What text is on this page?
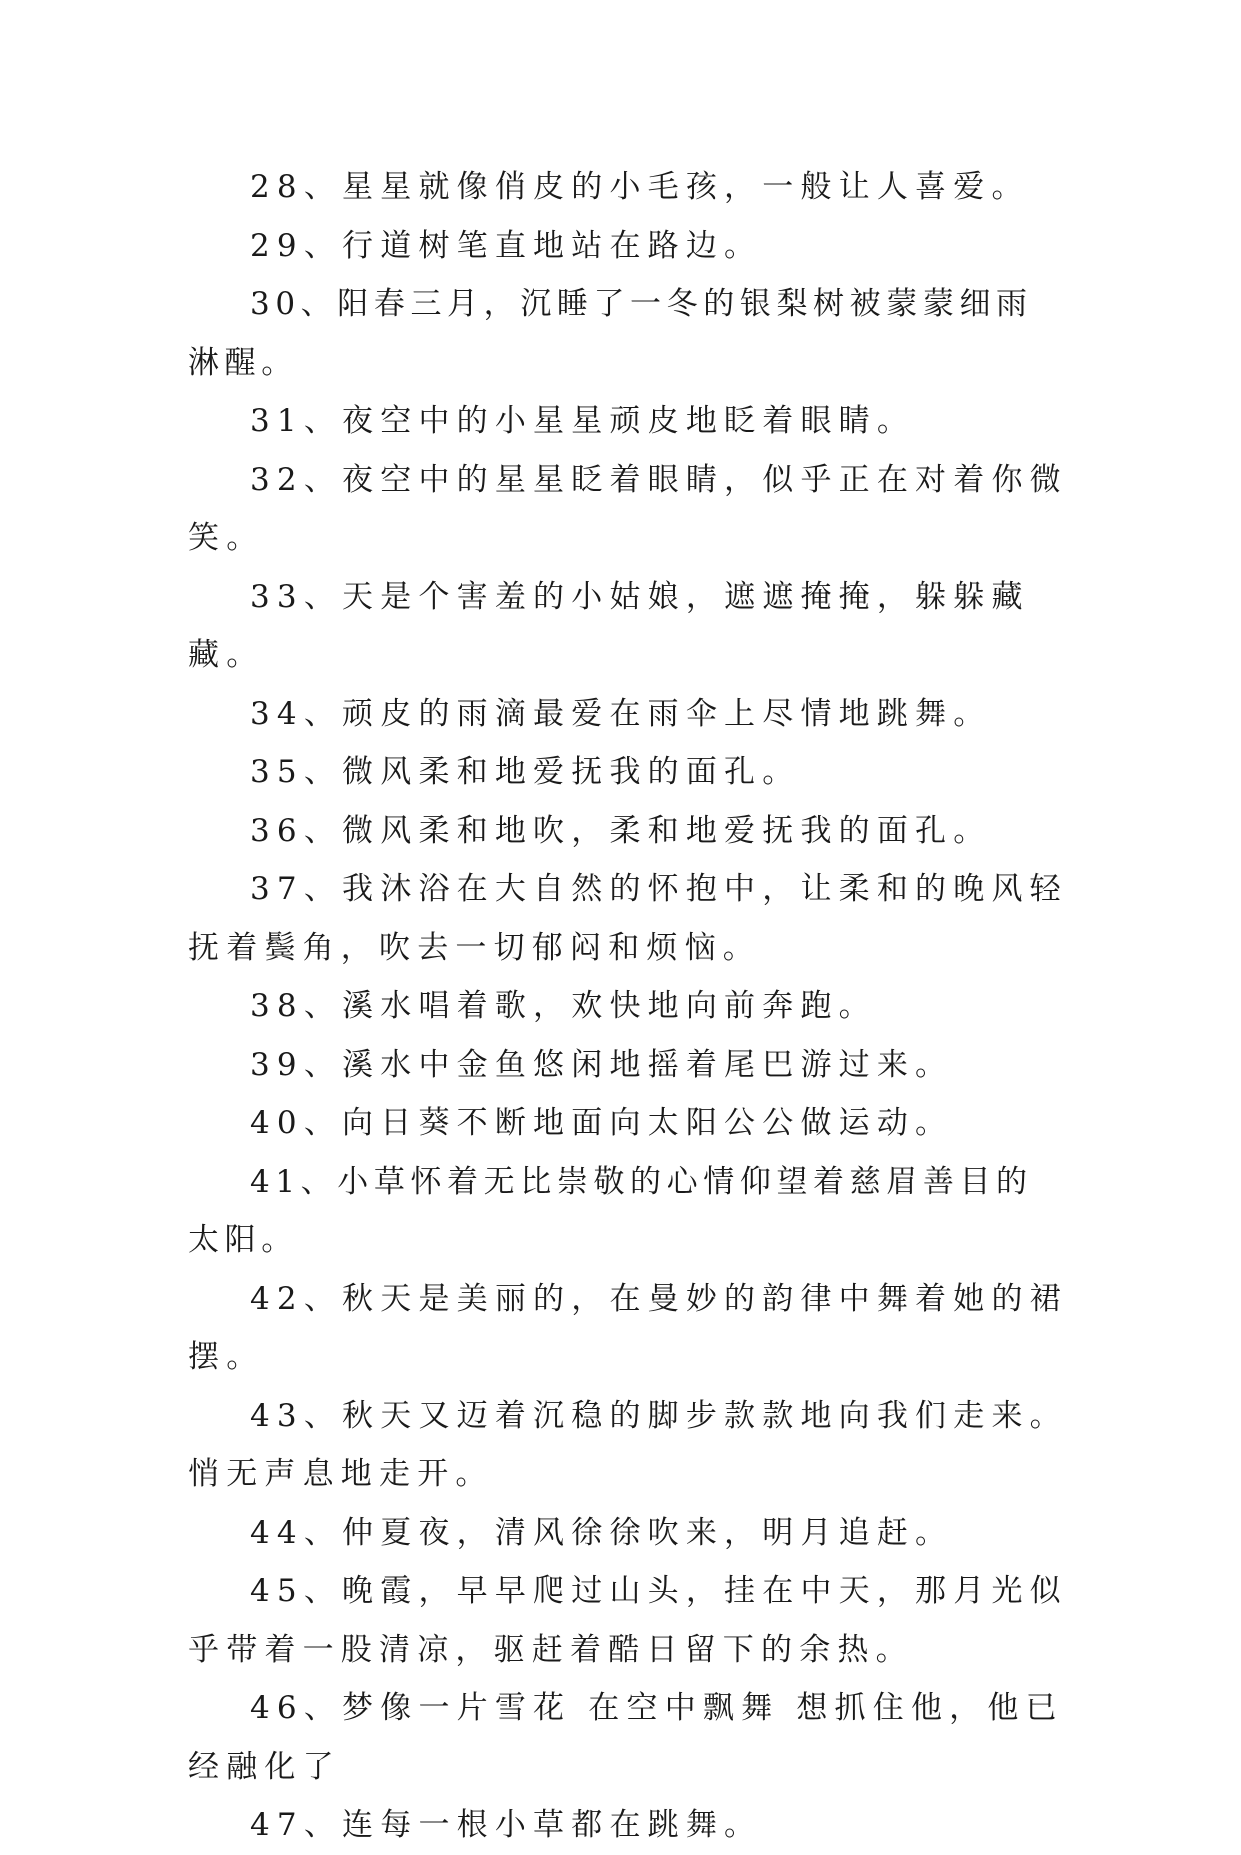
28、星星就像俏皮的小毛孩，一般让人喜爱。

29、行道树笔直地站在路边。

30、阳春三月，沉睡了一冬的银梨树被蒙蒙细雨淋醒。

31、夜空中的小星星顽皮地眨着眼睛。

32、夜空中的星星眨着眼睛，似乎正在对着你微笑。

33、天是个害羞的小姑娘，遮遮掩掩，躲躲藏藏。

34、顽皮的雨滴最爱在雨伞上尽情地跳舞。

35、微风柔和地爱抚我的面孔。

36、微风柔和地吹，柔和地爱抚我的面孔。

37、我沐浴在大自然的怀抱中，让柔和的晚风轻抚着鬓角，吹去一切郁闷和烦恼。

38、溪水唱着歌，欢快地向前奔跑。

39、溪水中金鱼悠闲地摇着尾巴游过来。

40、向日葵不断地面向太阳公公做运动。

41、小草怀着无比崇敬的心情仰望着慈眉善目的太阳。

42、秋天是美丽的，在曼妙的韵律中舞着她的裙摆。

43、秋天又迈着沉稳的脚步款款地向我们走来。悄无声息地走开。

44、仲夏夜，清风徐徐吹来，明月追赶。

45、晚霞，早早爬过山头，挂在中天，那月光似乎带着一股清凉，驱赶着酷日留下的余热。

46、梦像一片雪花 在空中飘舞 想抓住他，他已经融化了

47、连每一根小草都在跳舞。
